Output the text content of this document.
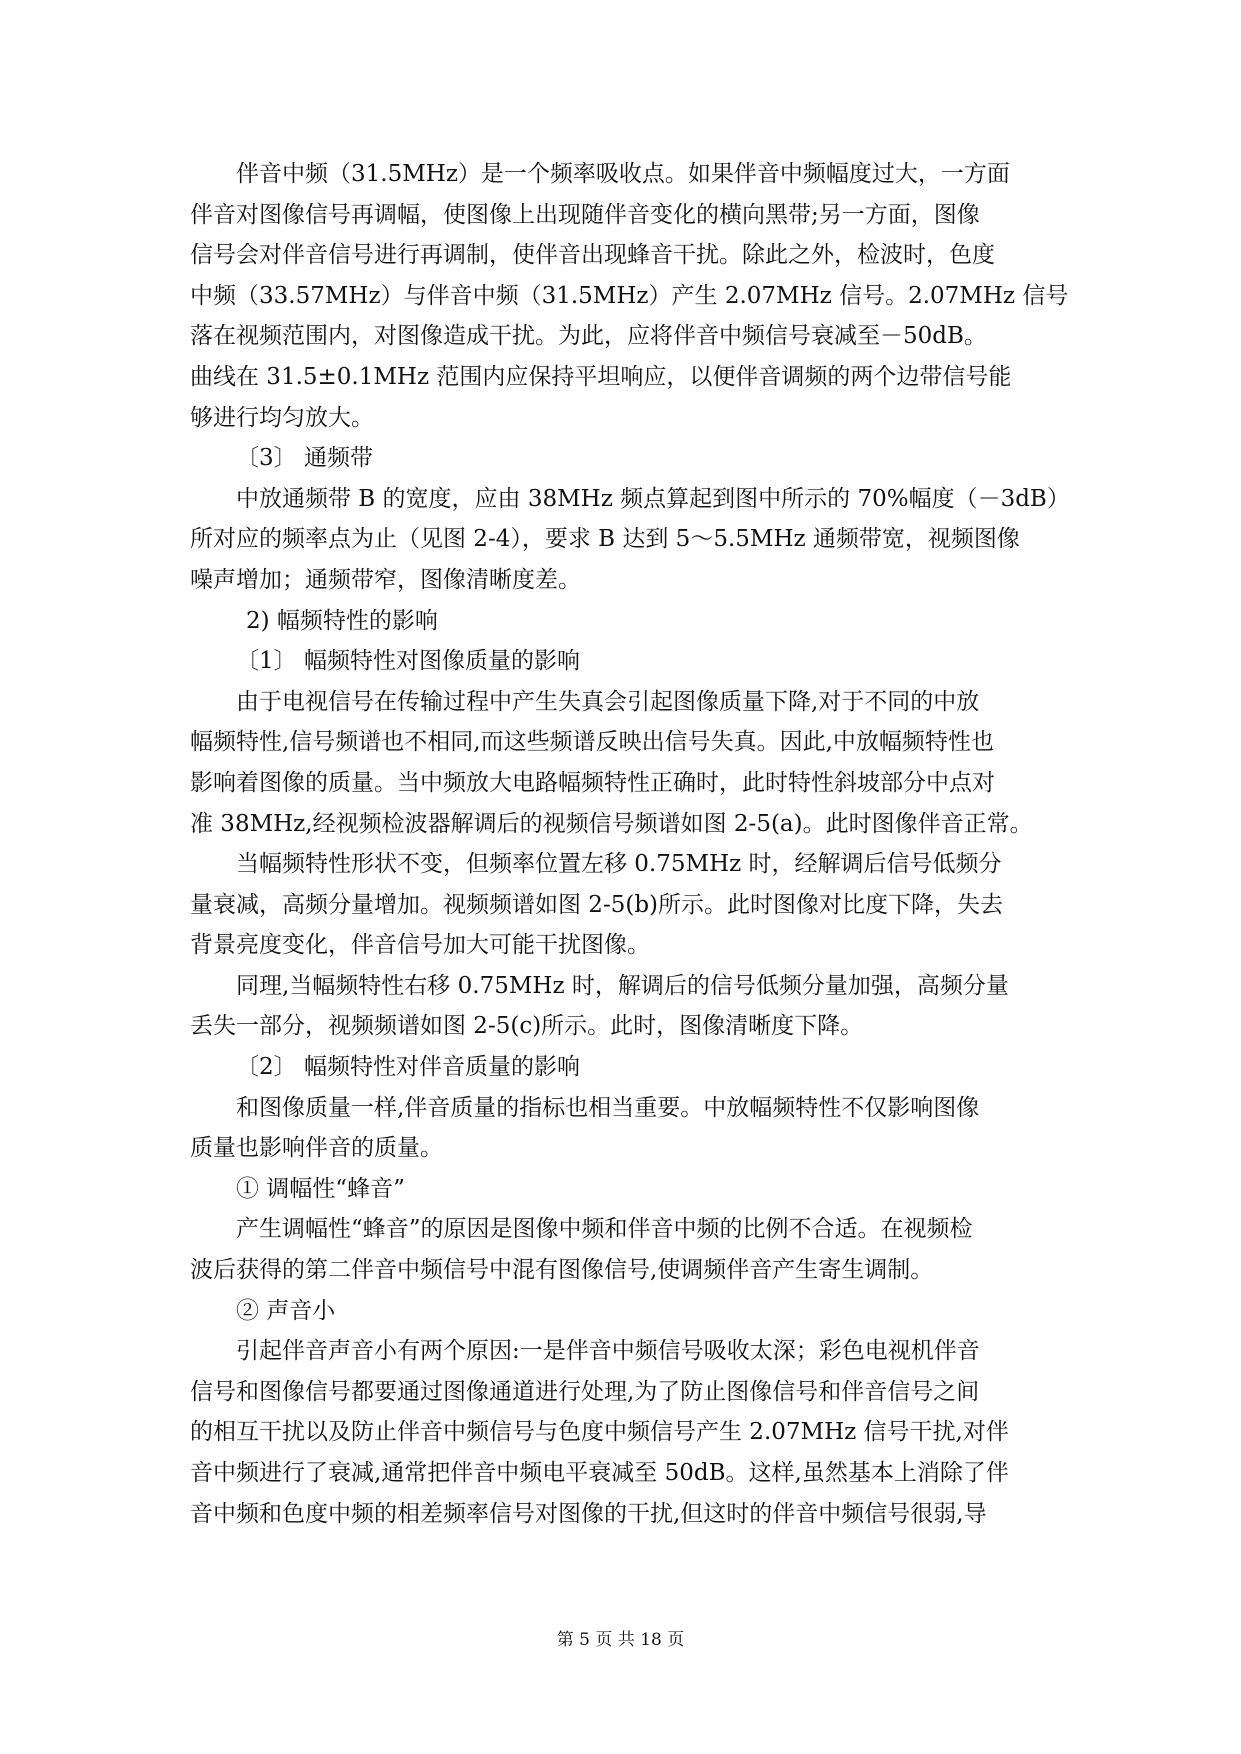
伴音中频（31.5MHz）是一个频率吸收点。如果伴音中频幅度过大，一方面
伴音对图像信号再调幅，使图像上出现随伴音变化的横向黑带;另一方面，图像
信号会对伴音信号进行再调制，使伴音出现蜂音干扰。除此之外，检波时，色度
中频（33.57MHz）与伴音中频（31.5MHz）产生 2.07MHz 信号。2.07MHz 信号
落在视频范围内，对图像造成干扰。为此，应将伴音中频信号衰减至－50dB。
曲线在 31.5±0.1MHz 范围内应保持平坦响应，以便伴音调频的两个边带信号能
够进行均匀放大。
〔3〕 通频带
中放通频带 B 的宽度，应由 38MHz 频点算起到图中所示的 70%幅度（－3dB）
所对应的频率点为止（见图 2-4），要求 B 达到 5～5.5MHz 通频带宽，视频图像
噪声增加；通频带窄，图像清晰度差。
2) 幅频特性的影响
〔1〕 幅频特性对图像质量的影响
由于电视信号在传输过程中产生失真会引起图像质量下降,对于不同的中放
幅频特性,信号频谱也不相同,而这些频谱反映出信号失真。因此,中放幅频特性也
影响着图像的质量。当中频放大电路幅频特性正确时，此时特性斜坡部分中点对
准 38MHz,经视频检波器解调后的视频信号频谱如图 2-5(a)。此时图像伴音正常。
当幅频特性形状不变，但频率位置左移 0.75MHz 时，经解调后信号低频分
量衰减，高频分量增加。视频频谱如图 2-5(b)所示。此时图像对比度下降，失去
背景亮度变化，伴音信号加大可能干扰图像。
同理,当幅频特性右移 0.75MHz 时，解调后的信号低频分量加强，高频分量
丢失一部分，视频频谱如图 2-5(c)所示。此时，图像清晰度下降。
〔2〕 幅频特性对伴音质量的影响
和图像质量一样,伴音质量的指标也相当重要。中放幅频特性不仅影响图像
质量也影响伴音的质量。
① 调幅性“蜂音”
产生调幅性“蜂音”的原因是图像中频和伴音中频的比例不合适。在视频检
波后获得的第二伴音中频信号中混有图像信号,使调频伴音产生寄生调制。
② 声音小
引起伴音声音小有两个原因:一是伴音中频信号吸收太深；彩色电视机伴音
信号和图像信号都要通过图像通道进行处理,为了防止图像信号和伴音信号之间
的相互干扰以及防止伴音中频信号与色度中频信号产生 2.07MHz 信号干扰,对伴
音中频进行了衰减,通常把伴音中频电平衰减至 50dB。这样,虽然基本上消除了伴
音中频和色度中频的相差频率信号对图像的干扰,但这时的伴音中频信号很弱,导
第 5 页 共 18 页
